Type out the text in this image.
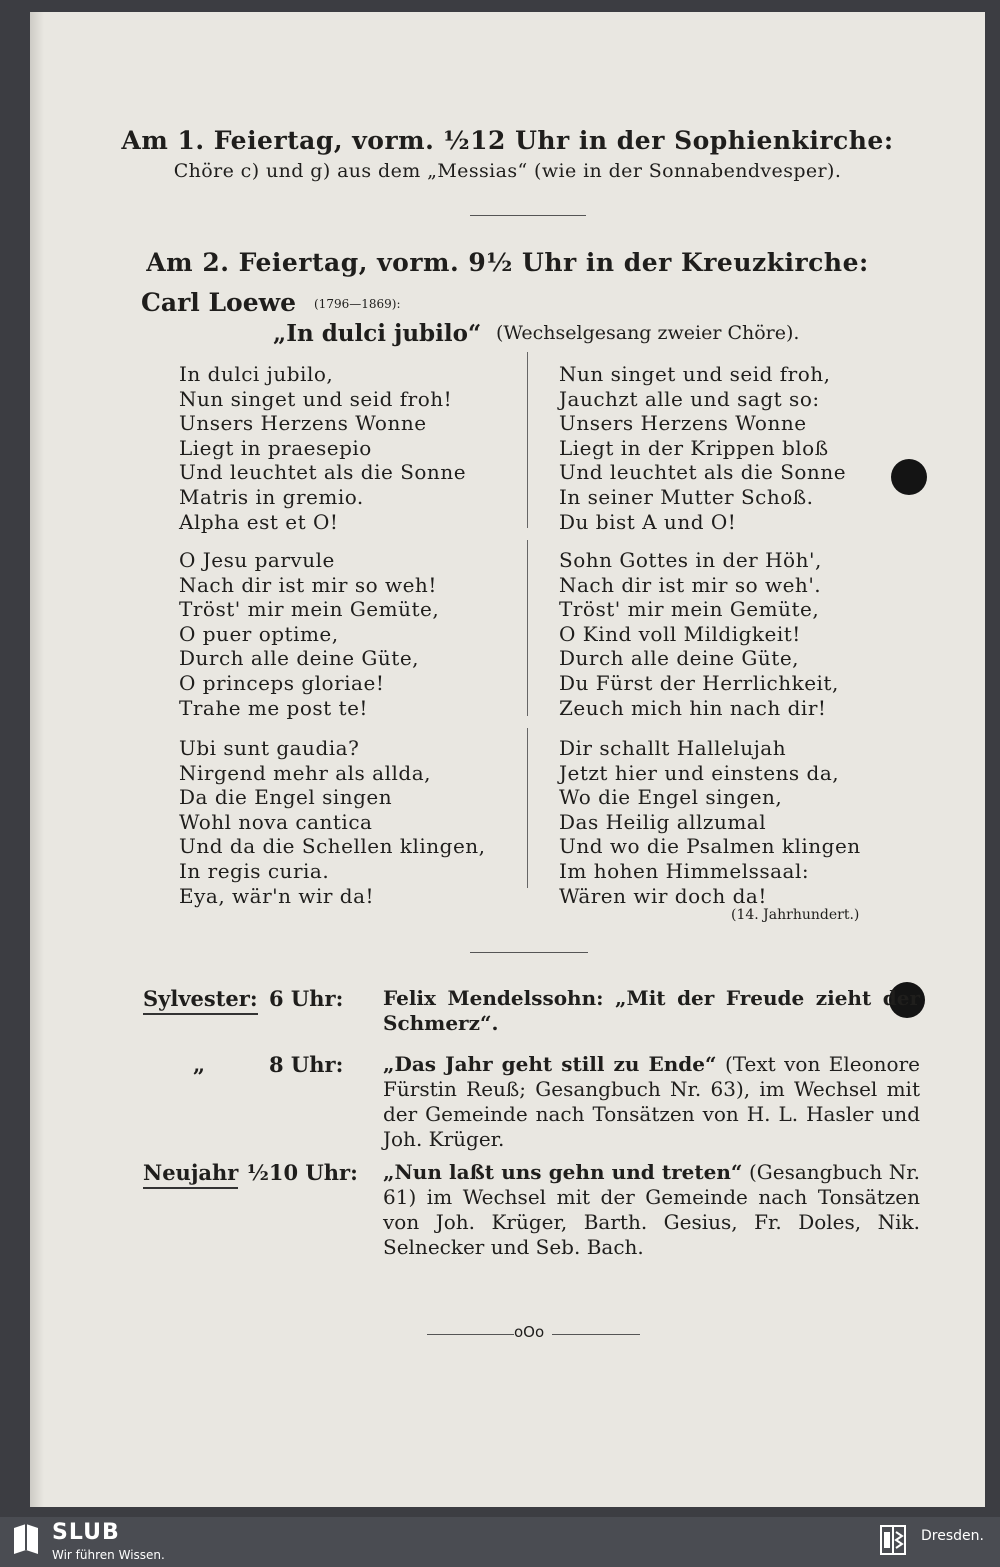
Am 1. Feiertag, vorm. ½12 Uhr in der Sophienkirche:
Chöre c) und g) aus dem „Messias“ (wie in der Sonnabendvesper).
Am 2. Feiertag, vorm. 9½ Uhr in der Kreuzkirche:
Carl Loewe (1796—1869):
„In dulci jubilo“ (Wechselgesang zweier Chöre).
In dulci jubilo,
Nun singet und seid froh!
Unsers Herzens Wonne
Liegt in praesepio
Und leuchtet als die Sonne
Matris in gremio.
Alpha est et O!
O Jesu parvule
Nach dir ist mir so weh!
Tröst' mir mein Gemüte,
O puer optime,
Durch alle deine Güte,
O princeps gloriae!
Trahe me post te!
Ubi sunt gaudia?
Nirgend mehr als allda,
Da die Engel singen
Wohl nova cantica
Und da die Schellen klingen,
In regis curia.
Eya, wär'n wir da!
Nun singet und seid froh,
Jauchzt alle und sagt so:
Unsers Herzens Wonne
Liegt in der Krippen bloß
Und leuchtet als die Sonne
In seiner Mutter Schoß.
Du bist A und O!
Sohn Gottes in der Höh',
Nach dir ist mir so weh'.
Tröst' mir mein Gemüte,
O Kind voll Mildigkeit!
Durch alle deine Güte,
Du Fürst der Herrlichkeit,
Zeuch mich hin nach dir!
Dir schallt Hallelujah
Jetzt hier und einstens da,
Wo die Engel singen,
Das Heilig allzumal
Und wo die Psalmen klingen
Im hohen Himmelssaal:
Wären wir doch da!
(14. Jahrhundert.)
Sylvester: 6 Uhr: Felix Mendelssohn: „Mit der Freude zieht der Schmerz“.
„	8 Uhr: „Das Jahr geht still zu Ende“ (Text von Eleonore Fürstin Reuß; Gesangbuch Nr. 63), im Wechsel mit der Gemeinde nach Tonsätzen von H. L. Hasler und Joh. Krüger.
Neujahr ½10 Uhr: „Nun laßt uns gehn und treten“ (Gesangbuch Nr. 61) im Wechsel mit der Gemeinde nach Tonsätzen von Joh. Krüger, Barth. Gesius, Fr. Doles, Nik. Selnecker und Seb. Bach.
oOo
SLUB
Wir führen Wissen.
Dresden.
